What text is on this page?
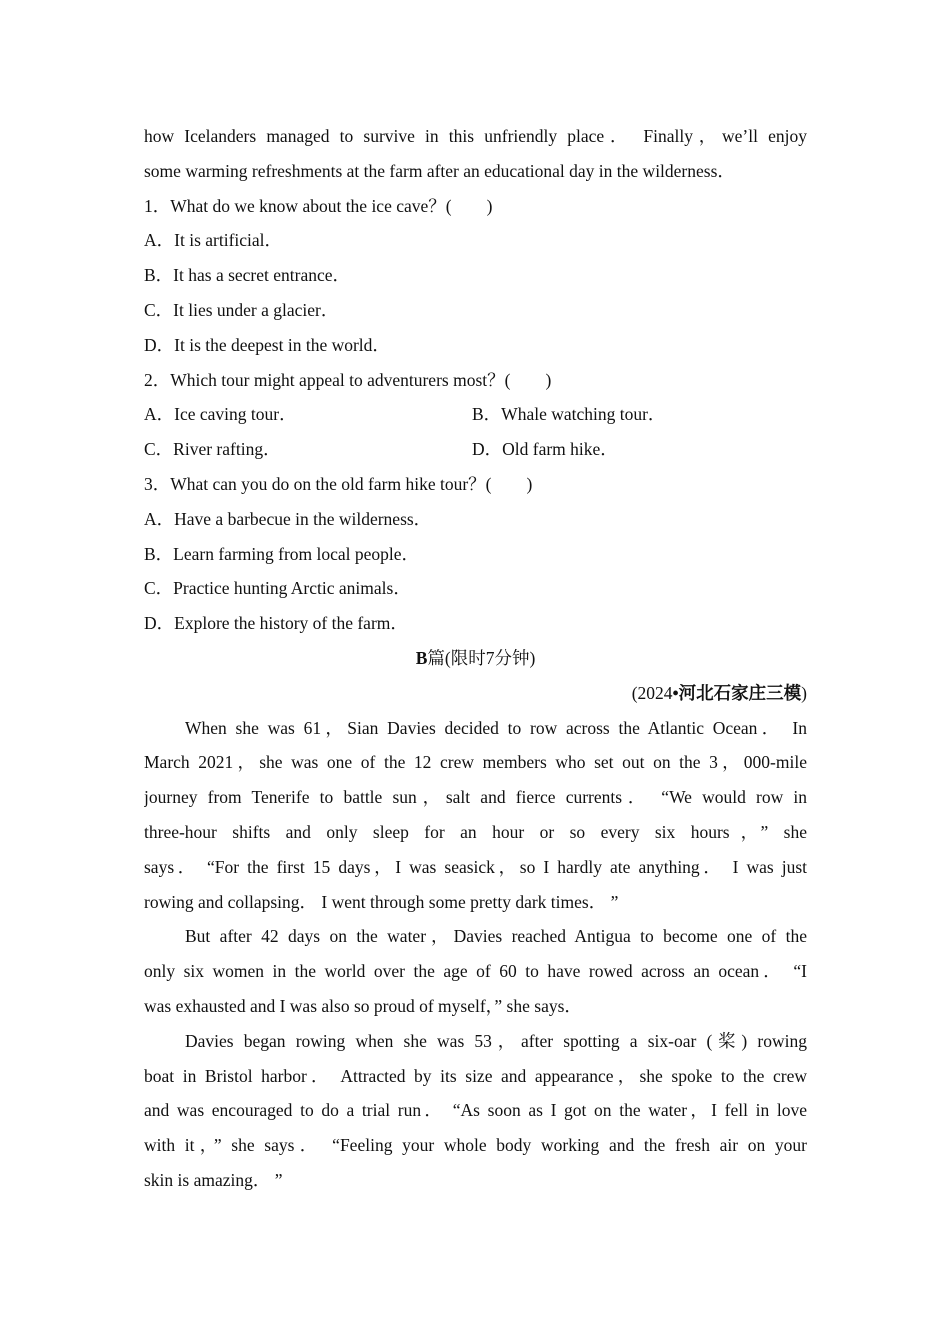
how Icelanders managed to survive in this unfriendly place． Finally，we’ll enjoy
some warming refreshments at the farm after an educational day in the wilderness．
1．What do we know about the ice cave？(　　)
A．It is artificial．
B．It has a secret entrance．
C．It lies under a glacier．
D．It is the deepest in the world．
2．Which tour might appeal to adventurers most？(　　)
A．Ice caving tour．	B．Whale watching tour．
C．River rafting．	D．Old farm hike．
3．What can you do on the old farm hike tour？(　　)
A．Have a barbecue in the wilderness．
B．Learn farming from local people．
C．Practice hunting Arctic animals．
D．Explore the history of the farm．
B篇(限时7分钟)
(2024•河北石家庄三模)
When she was 61，Sian Davies decided to row across the Atlantic Ocean． In
March 2021，she was one of the 12 crew members who set out on the 3，000-mile
journey from Tenerife to battle sun，salt and fierce currents． “We would row in
three-hour shifts and only sleep for an hour or so every six hours，” she
says． “For the first 15 days，I was seasick，so I hardly ate anything． I was just
rowing and collapsing． I went through some pretty dark times． ”
But after 42 days on the water，Davies reached Antigua to become one of the
only six women in the world over the age of 60 to have rowed across an ocean． “I
was exhausted and I was also so proud of myself，” she says．
Davies began rowing when she was 53，after spotting a six-oar (桨) rowing
boat in Bristol harbor． Attracted by its size and appearance，she spoke to the crew
and was encouraged to do a trial run． “As soon as I got on the water，I fell in love
with it，” she says． “Feeling your whole body working and the fresh air on your
skin is amazing． ”
